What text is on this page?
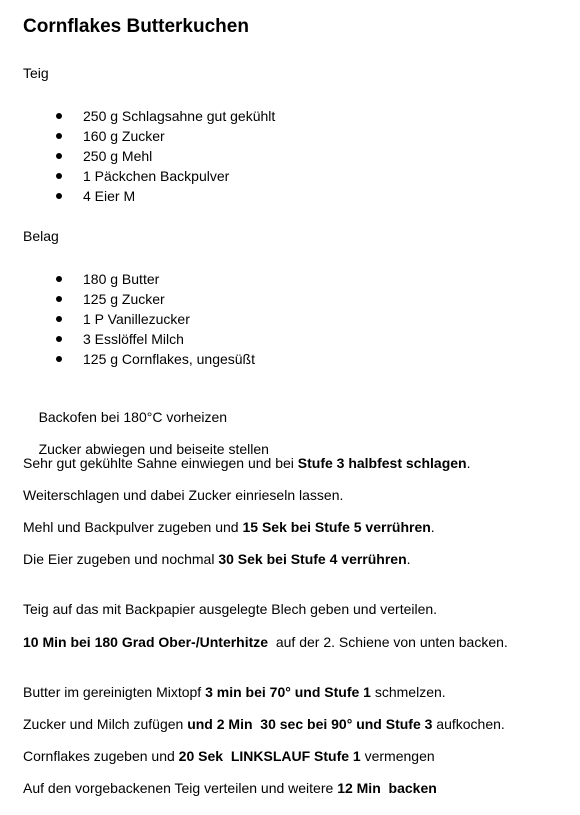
Cornflakes Butterkuchen
Teig
250 g Schlagsahne gut gekühlt
160 g Zucker
250 g Mehl
1 Päckchen Backpulver
4 Eier M
Belag
180 g Butter
125 g Zucker
1 P Vanillezucker
3 Esslöffel Milch
125 g Cornflakes, ungesüßt

Backofen bei 180°C vorheizen

Zucker abwiegen und beiseite stellen

Sehr gut gekühlte Sahne einwiegen und bei Stufe 3 halbfest schlagen.
Weiterschlagen und dabei Zucker einrieseln lassen.
Mehl und Backpulver zugeben und 15 Sek bei Stufe 5 verrühren.
Die Eier zugeben und nochmal 30 Sek bei Stufe 4 verrühren.
Teig auf das mit Backpapier ausgelegte Blech geben und verteilen.
10 Min bei 180 Grad Ober-/Unterhitze  auf der 2. Schiene von unten backen.
Butter im gereinigten Mixtopf 3 min bei 70° und Stufe 1 schmelzen.
Zucker und Milch zufügen und 2 Min  30 sec bei 90° und Stufe 3 aufkochen.
Cornflakes zugeben und 20 Sek  LINKSLAUF Stufe 1 vermengen
Auf den vorgebackenen Teig verteilen und weitere 12 Min  backen
